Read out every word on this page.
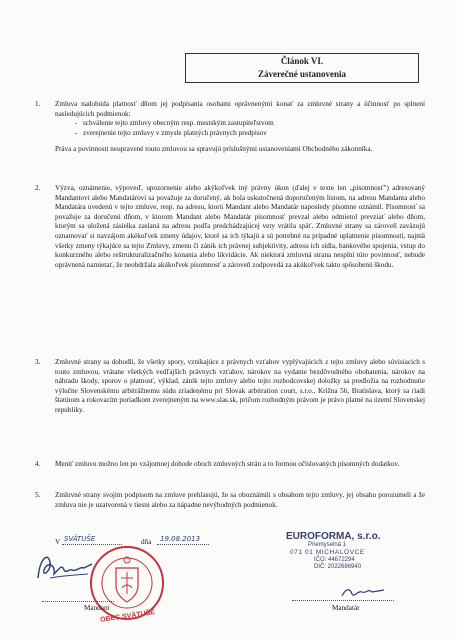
Článok VI.
Záverečné ustanovenia
1. Zmluva nadobúda platnosť dňom jej podpísania osobami oprávnenými konať za zmluvné strany a účinnosť po splnení nasledujúcich podmienok:

- schválenie tejto zmluvy obecným resp. mestským zastupiteľstvom

- zverejnenie tejto zmluvy v zmysle platných právnych predpisov

Práva a povinnosti neupravené touto zmluvou sa spravujú príslušnými ustanoveniami Obchodného zákonníka.

2. Výzva, oznámenie, výpoveď, upozornenie alebo akýkoľvek iný právny úkon (ďalej v texte len „písomnosť") adresovaný Mandantovi alebo Mandatárovi sa považuje za doručený, ak bola uskutočnená doporučeným listom, na adresu Mandanta alebo Mandatára uvedenú v tejto zmluve, resp. na adresu, ktorú Mandant alebo Mandatár naposledy písomne oznámil. Písomnosť sa považuje za doručenú dňom, v ktorom Mandant alebo Mandatár písomnosť prevzal alebo odmietol prevziať alebo dňom, ktorým sa uložená zásielka zaslaná na adresu podľa predchádzajúcej vety vrátila späť. Zmluvné strany sa zároveň zaväzujú oznamovať si navzájom akékoľvek zmeny údajov, ktoré sa ich týkajú a sú potrebné na prípadné uplatnenie písomností, najmä všetky zmeny týkajúce sa tejto Zmluvy, zmenu či zánik ich právnej subjektivity, adresu ich sídla, bankového spojenia, vstup do konkurzného alebo reštrukturalizačného konania alebo likvidácie. Ak niektorá zmluvná strana nesplní túto povinnosť, nebude oprávnená namietať, že neobdržala akúkoľvek písomnosť a zároveň zodpovedá za akúkoľvek takto spôsobenú škodu.

3. Zmluvné strany sa dohodli, že všetky spory, vznikajúce z právnych vzťahov vyplývajúcich z tejto zmluvy alebo súvisiacich s touto zmluvou, vrátane všetkých vedľajších právnych vzťahov, nárokov na vydanie bezdôvodného obohatenia, nárokov na náhradu škody, sporov o platnosť, výklad, zánik tejto zmluvy alebo tejto rozhodcovskej doložky sa predložia na rozhodnutie výlučne Slovenskému arbitrážnemu súdu zriadenému pri Slovak arbitration court, s.r.o., Križna 56, Bratislava, ktorý sa riadi štatútom a rokovacím poriadkom zverejneným na www.slas.sk, pričom rozhodným právom je právo platné na území Slovenskej republiky.

4. Meniť zmluvu možno len po vzájomnej dohode oboch zmluvných strán a to formou očíslovaných písomných dodatkov.

5. Zmluvné strany svojim podpisom na zmluve prehlasujú, že sa oboznámili s obsahom tejto zmluvy, jej obsahu porozumeli a že zmluva nie je uzatvorená v tiesni alebo za nápadne nevýhodných podmienok.

V SVÄTUŠE	dňa 19.08.2013
OBEC SVÄTUŠE
Mandant
EUROFORMA, s.r.o.
Priemyselná 1
071 01 MICHALOVCE
IČO: 44672294
DIČ: 2022686940
Mandatár
